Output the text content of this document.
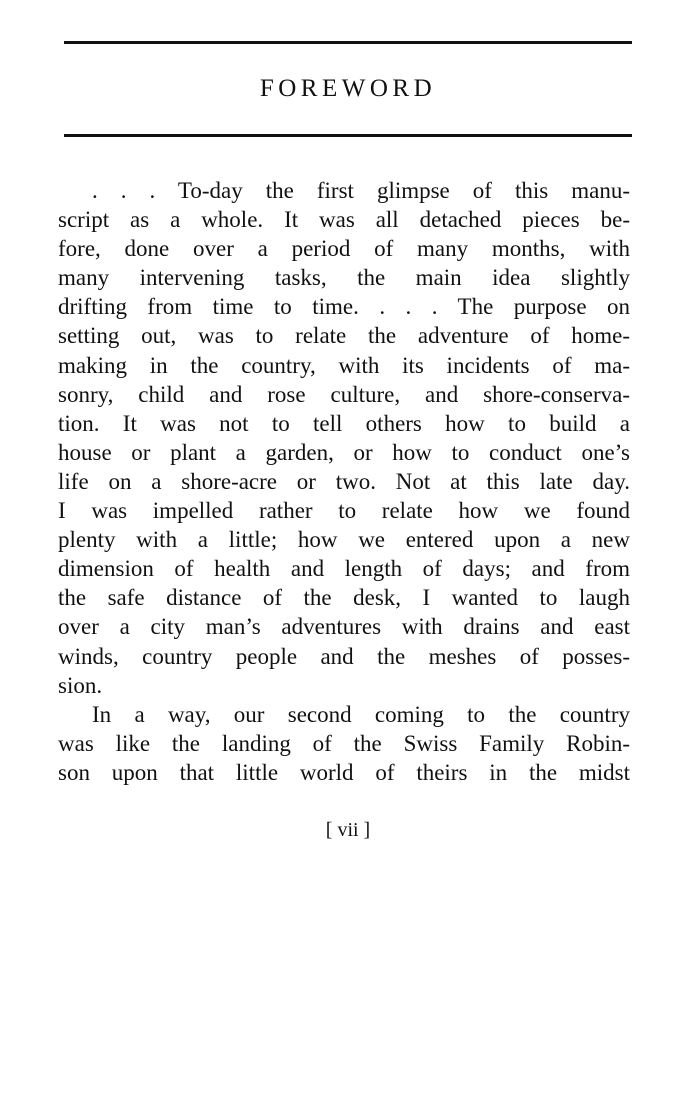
FOREWORD
. . . To-day the first glimpse of this manu-
script as a whole. It was all detached pieces be-
fore, done over a period of many months, with
many intervening tasks, the main idea slightly
drifting from time to time. . . . The purpose on
setting out, was to relate the adventure of home-
making in the country, with its incidents of ma-
sonry, child and rose culture, and shore-conserva-
tion. It was not to tell others how to build a
house or plant a garden, or how to conduct one’s
life on a shore-acre or two. Not at this late day.
I was impelled rather to relate how we found
plenty with a little; how we entered upon a new
dimension of health and length of days; and from
the safe distance of the desk, I wanted to laugh
over a city man’s adventures with drains and east
winds, country people and the meshes of posses-
sion.
In a way, our second coming to the country
was like the landing of the Swiss Family Robin-
son upon that little world of theirs in the midst
[ vii ]
